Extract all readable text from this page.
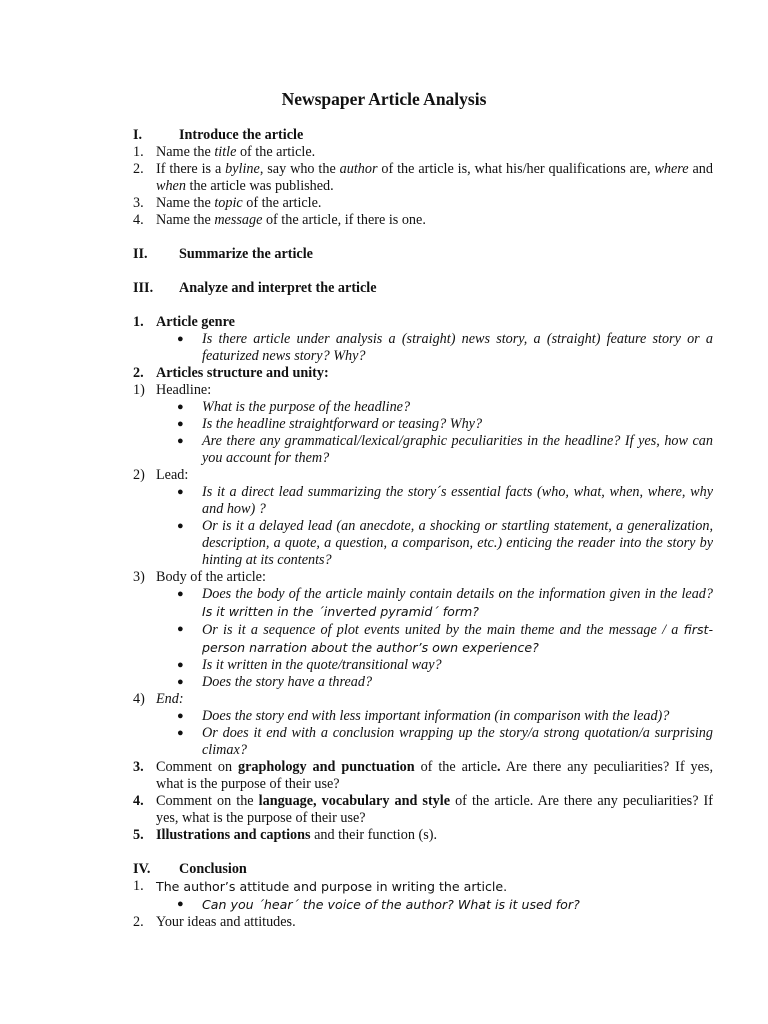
Newspaper Article Analysis
I.	Introduce the article
1. Name the title of the article.
2. If there is a byline, say who the author of the article is, what his/her qualifications are, where and when the article was published.
3. Name the topic of the article.
4. Name the message of the article, if there is one.
II. Summarize the article
III. Analyze and interpret the article
1. Article genre
● Is there article under analysis a (straight) news story, a (straight) feature story or a featurized news story? Why?
2. Articles structure and unity:
1) Headline:
● What is the purpose of the headline?
● Is the headline straightforward or teasing? Why?
● Are there any grammatical/lexical/graphic peculiarities in the headline? If yes, how can you account for them?
2) Lead:
● Is it a direct lead summarizing the story´s essential facts (who, what, when, where, why and how) ?
● Or is it a delayed lead (an anecdote, a shocking or startling statement, a generalization, description, a quote, a question, a comparison, etc.) enticing the reader into the story by hinting at its contents?
3) Body of the article:
● Does the body of the article mainly contain details on the information given in the lead? Is it written in the ´inverted pyramid´ form?
● Or is it a sequence of plot events united by the main theme and the message / a first-person narration about the author’s own experience?
● Is it written in the quote/transitional way?
● Does the story have a thread?
4) End:
● Does the story end with less important information (in comparison with the lead)?
● Or does it end with a conclusion wrapping up the story/a strong quotation/a surprising climax?
3. Comment on graphology and punctuation of the article. Are there any peculiarities? If yes, what is the purpose of their use?
4. Comment on the language, vocabulary and style of the article. Are there any peculiarities? If yes, what is the purpose of their use?
5. Illustrations and captions and their function (s).
IV. Conclusion
1. The author’s attitude and purpose in writing the article.
● Can you ´hear´ the voice of the author? What is it used for?
2. Your ideas and attitudes.
